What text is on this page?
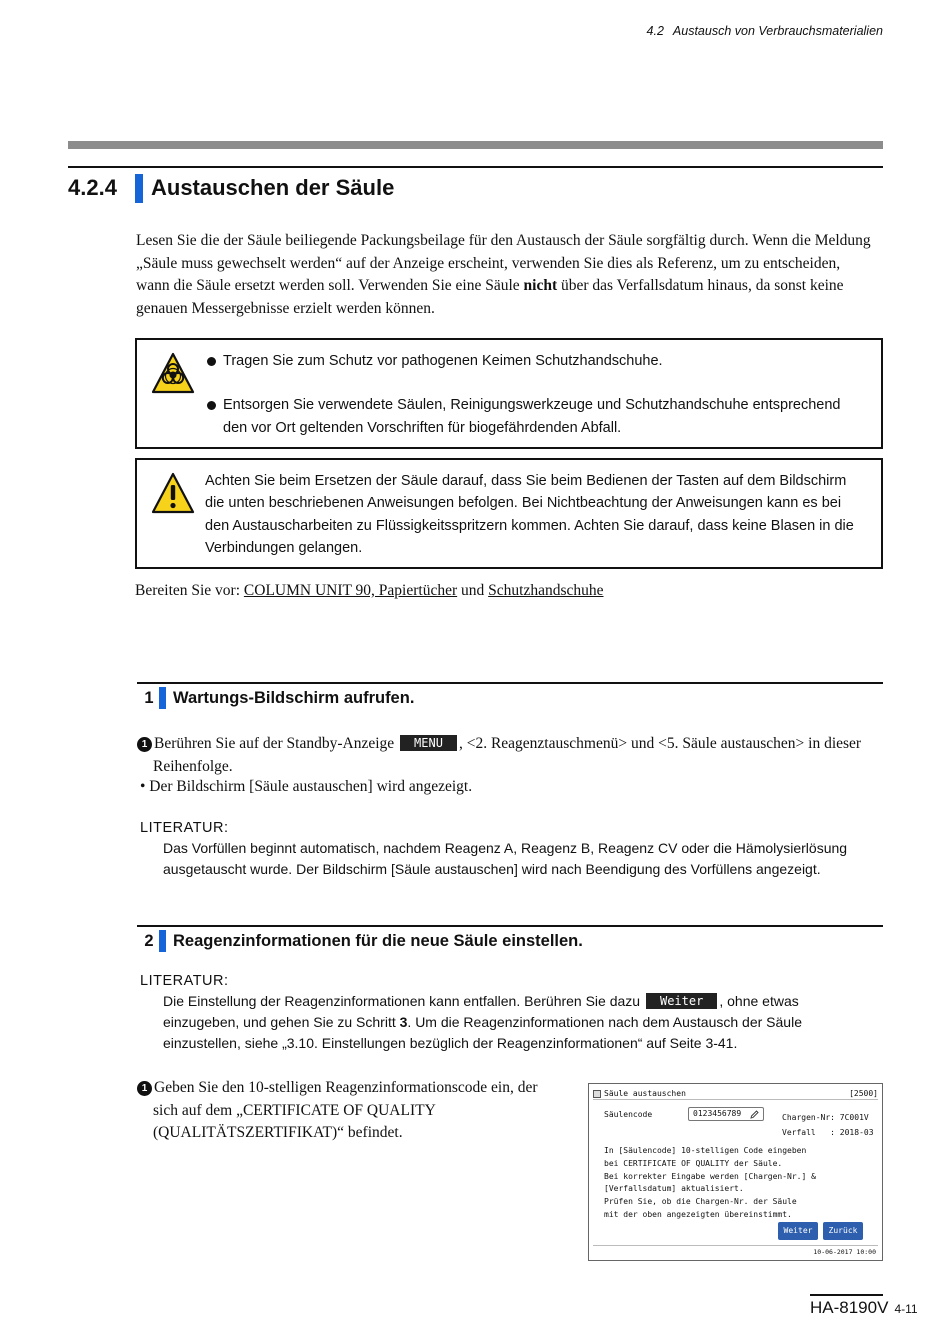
4.2 Austausch von Verbrauchsmaterialien
4.2.4	Austauschen der Säule

Lesen Sie die der Säule beiliegende Packungsbeilage für den Austausch der Säule sorgfältig durch. Wenn die Meldung

„Säule muss gewechselt werden“ auf der Anzeige erscheint, verwenden Sie dies als Referenz, um zu entscheiden,

wann die Säule ersetzt werden soll. Verwenden Sie eine Säule nicht über das Verfallsdatum hinaus, da sonst keine

genauen Messergebnisse erzielt werden können.

Tragen Sie zum Schutz vor pathogenen Keimen Schutzhandschuhe.
Entsorgen Sie verwendete Säulen, Reinigungswerkzeuge und Schutzhandschuhe entsprechend den vor Ort geltenden Vorschriften für biogefährdenden Abfall.
Achten Sie beim Ersetzen der Säule darauf, dass Sie beim Bedienen der Tasten auf dem Bildschirm die unten beschriebenen Anweisungen befolgen. Bei Nichtbeachtung der Anweisungen kann es bei den Austauscharbeiten zu Flüssigkeitsspritzern kommen. Achten Sie darauf, dass keine Blasen in die Verbindungen gelangen.
Bereiten Sie vor: COLUMN UNIT 90, Papiertücher und Schutzhandschuhe
1	Wartungs-Bildschirm aufrufen.
1 Berühren Sie auf der Standby-Anzeige MENU , <2. Reagenztauschmenü> und <5. Säule austauschen> in dieser
Reihenfolge.
• Der Bildschirm [Säule austauschen] wird angezeigt.
LITERATUR:
Das Vorfüllen beginnt automatisch, nachdem Reagenz A, Reagenz B, Reagenz CV oder die Hämolysierlösung
ausgetauscht wurde. Der Bildschirm [Säule austauschen] wird nach Beendigung des Vorfüllens angezeigt.
2	Reagenzinformationen für die neue Säule einstellen.
LITERATUR:
Die Einstellung der Reagenzinformationen kann entfallen. Berühren Sie dazu Weiter , ohne etwas
einzugeben, und gehen Sie zu Schritt 3. Um die Reagenzinformationen nach dem Austausch der Säule
einzustellen, siehe „3.10. Einstellungen bezüglich der Reagenzinformationen“ auf Seite 3-41.
1 Geben Sie den 10-stelligen Reagenzinformationscode ein, der
sich auf dem „CERTIFICATE OF QUALITY
(QUALITÄTSZERTIFIKAT)“ befindet.
Säule austauschen	[2500]
Säulencode	0123456789	Chargen-Nr: 7C001V
Verfall   : 2018-03
In [Säulencode] 10-stelligen Code eingeben
bei CERTIFICATE OF QUALITY der Säule.
Bei korrekter Eingabe werden [Chargen-Nr.] &
[Verfallsdatum] aktualisiert.
Prüfen Sie, ob die Chargen-Nr. der Säule
mit der oben angezeigten übereinstimmt.
Weiter	Zurück
10-06-2017 10:00
HA-8190V 4-11
